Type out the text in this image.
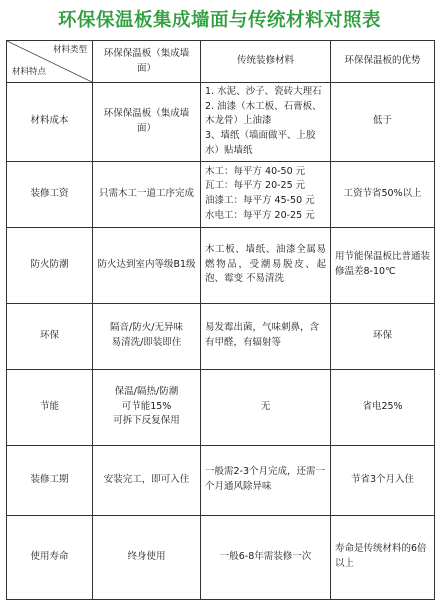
环保保温板集成墙面与传统材料对照表
材料类型
材料特点	环保保温板（集成墙面）	传统装修材料	环保保温板的优势
材料成本	环保保温板（集成墙面）	1. 水泥、沙子、瓷砖大理石
2. 油漆（木工板、石膏板、木龙骨）上油漆
3、墙纸（墙面做平、上胶水）贴墙纸	低于

装修工资	只需木工一道工序完成	木工：每平方 40-50 元
瓦工：每平方 20-25 元
油漆工：每平方 45-50 元
水电工：每平方 20-25 元	工资节省50%以上

防火防潮	防火达到室内等级B1级	木工板、墙纸、油漆全属易燃物品，受潮易脱皮、起泡、霉变 不易清洗	用节能保温板比普通装修温差8-10℃

环保	隔音/防火/无异味
易清洗/即装即住	易发霉出菌，气味刺鼻，含有甲醛，有辐射等	环保

节能	保温/隔热/防潮
可节能15%
可拆下反复保用	无	省电25%

装修工期	安装完工，即可入住	一般需2-3个月完成，还需一个月通风除异味	节省3个月入住

使用寿命	终身使用	一般6-8年需装修一次	寿命是传统材料的6倍以上
